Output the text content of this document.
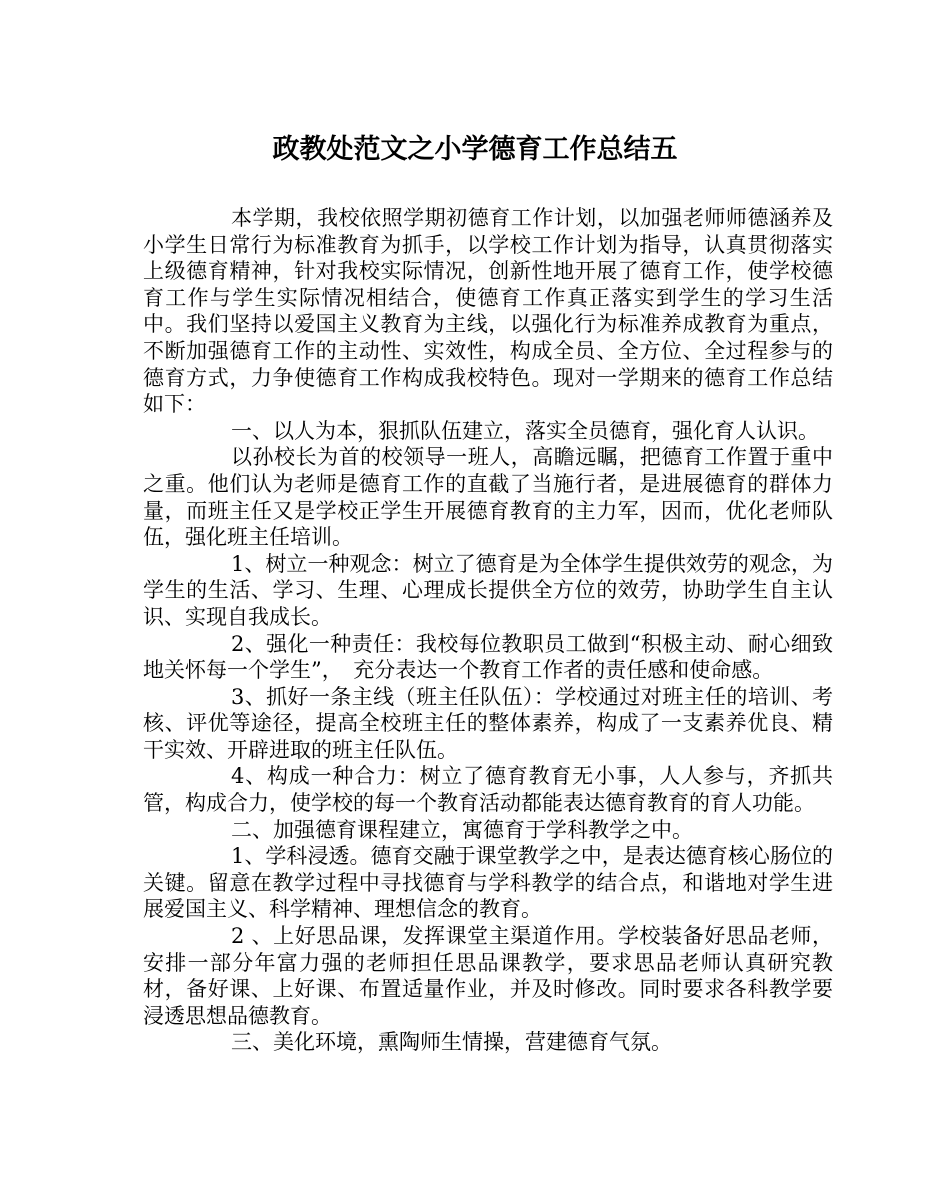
政教处范文之小学德育工作总结五

本学期，我校依照学期初德育工作计划，以加强老师师德涵养及小学生日常行为标准教育为抓手，以学校工作计划为指导，认真贯彻落实上级德育精神，针对我校实际情况，创新性地开展了德育工作，使学校德育工作与学生实际情况相结合，使德育工作真正落实到学生的学习生活中。我们坚持以爱国主义教育为主线，以强化行为标准养成教育为重点，不断加强德育工作的主动性、实效性，构成全员、全方位、全过程参与的德育方式，力争使德育工作构成我校特色。现对一学期来的德育工作总结如下：

一、以人为本，狠抓队伍建立，落实全员德育，强化育人认识。

以孙校长为首的校领导一班人，高瞻远瞩，把德育工作置于重中之重。他们认为老师是德育工作的直截了当施行者，是进展德育的群体力量，而班主任又是学校正学生开展德育教育的主力军，因而，优化老师队伍，强化班主任培训。

1、树立一种观念：树立了德育是为全体学生提供效劳的观念，为学生的生活、学习、生理、心理成长提供全方位的效劳，协助学生自主认识、实现自我成长。

2、强化一种责任：我校每位教职员工做到“积极主动、耐心细致地关怀每一个学生”，　充分表达一个教育工作者的责任感和使命感。

3、抓好一条主线（班主任队伍）：学校通过对班主任的培训、考核、评优等途径，提高全校班主任的整体素养，构成了一支素养优良、精干实效、开辟进取的班主任队伍。

4、构成一种合力：树立了德育教育无小事，人人参与，齐抓共管，构成合力，使学校的每一个教育活动都能表达德育教育的育人功能。

二、加强德育课程建立，寓德育于学科教学之中。

1、学科浸透。德育交融于课堂教学之中，是表达德育核心肠位的关键。留意在教学过程中寻找德育与学科教学的结合点，和谐地对学生进展爱国主义、科学精神、理想信念的教育。

2 、上好思品课，发挥课堂主渠道作用。学校装备好思品老师，安排一部分年富力强的老师担任思品课教学，要求思品老师认真研究教材，备好课、上好课、布置适量作业，并及时修改。同时要求各科教学要浸透思想品德教育。

三、美化环境，熏陶师生情操，营建德育气氛。
